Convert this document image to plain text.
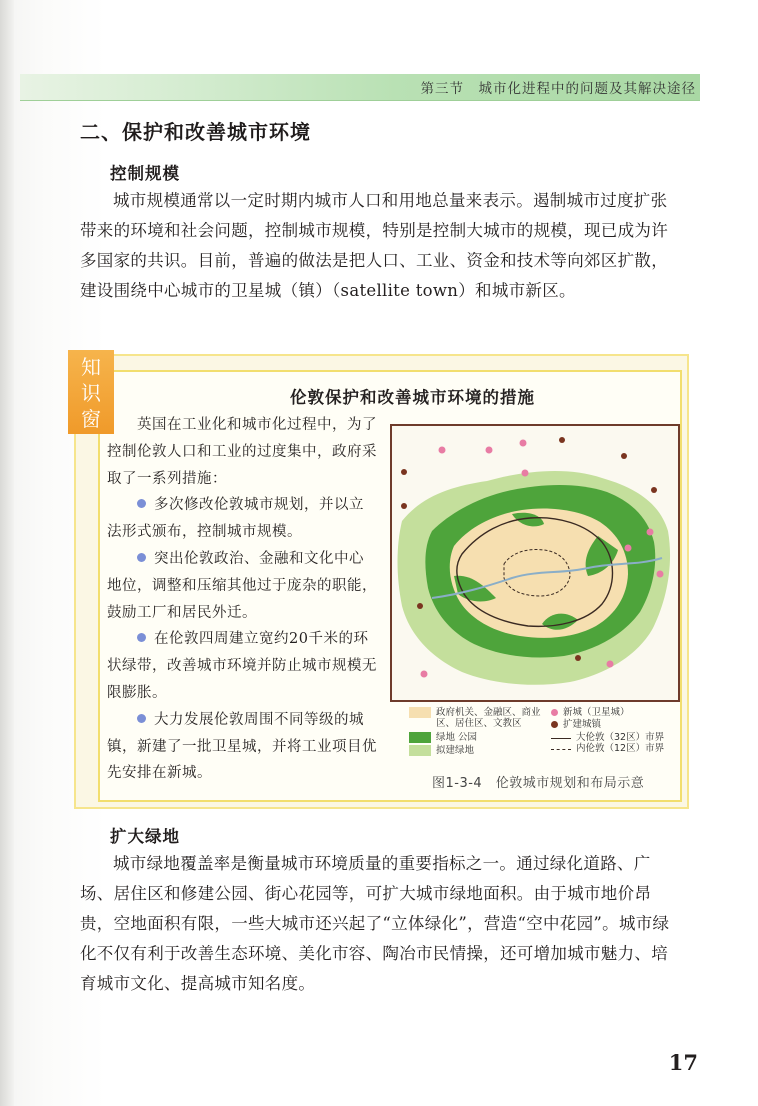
第三节　城市化进程中的问题及其解决途径
二、保护和改善城市环境
控制规模

城市规模通常以一定时期内城市人口和用地总量来表示。遏制城市过度扩张带来的环境和社会问题，控制城市规模，特别是控制大城市的规模，现已成为许多国家的共识。目前，普遍的做法是把人口、工业、资金和技术等向郊区扩散，建设围绕中心城市的卫星城（镇）（satellite town）和城市新区。

知
识
窗
伦敦保护和改善城市环境的措施

英国在工业化和城市化过程中，为了控制伦敦人口和工业的过度集中，政府采取了一系列措施：

多次修改伦敦城市规划，并以立法形式颁布，控制城市规模。

突出伦敦政治、金融和文化中心地位，调整和压缩其他过于庞杂的职能，鼓励工厂和居民外迁。

在伦敦四周建立宽约20千米的环状绿带，改善城市环境并防止城市规模无限膨胀。

大力发展伦敦周围不同等级的城镇，新建了一批卫星城，并将工业项目优先安排在新城。

政府机关、金融区、商业区、居住区、文教区
绿地 公园
拟建绿地
新城（卫星城）
扩建城镇
大伦敦（32区）市界
内伦敦（12区）市界
图1-3-4　伦敦城市规划和布局示意
扩大绿地

城市绿地覆盖率是衡量城市环境质量的重要指标之一。通过绿化道路、广场、居住区和修建公园、街心花园等，可扩大城市绿地面积。由于城市地价昂贵，空地面积有限，一些大城市还兴起了“立体绿化”，营造“空中花园”。城市绿化不仅有利于改善生态环境、美化市容、陶冶市民情操，还可增加城市魅力、培育城市文化、提高城市知名度。

17
